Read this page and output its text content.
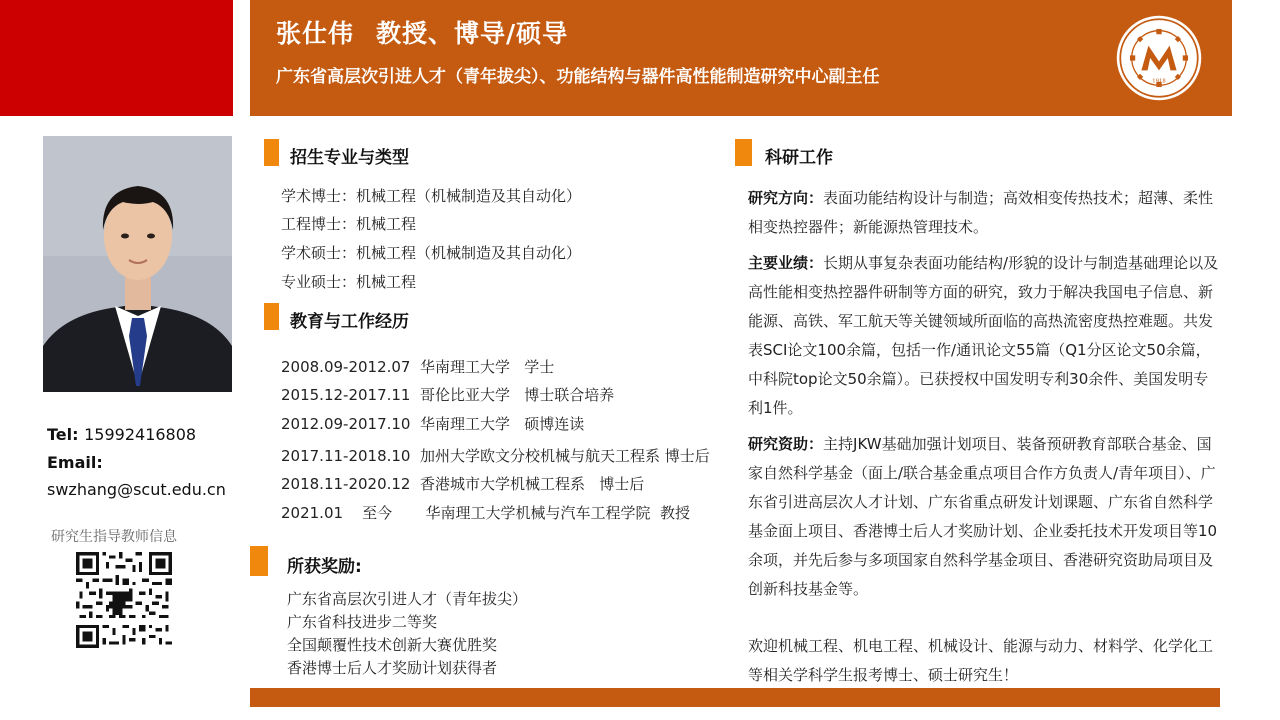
张仕伟 教授、博导/硕导
广东省高层次引进人才（青年拔尖）、功能结构与器件高性能制造研究中心副主任	1918
Tel: 15992416808
Email:
swzhang@scut.edu.cn
研究生指导教师信息
招生专业与类型
学术博士：机械工程（机械制造及其自动化）
工程博士：机械工程
学术硕士：机械工程（机械制造及其自动化）
专业硕士：机械工程
教育与工作经历
2008.09-2012.07  华南理工大学   学士
2015.12-2017.11  哥伦比亚大学   博士联合培养
2012.09-2017.10  华南理工大学   硕博连读
2017.11-2018.10  加州大学欧文分校机械与航天工程系 博士后
2018.11-2020.12  香港城市大学机械工程系   博士后
2021.01    至今       华南理工大学机械与汽车工程学院  教授
所获奖励:
广东省高层次引进人才（青年拔尖）
广东省科技进步二等奖
全国颠覆性技术创新大赛优胜奖
香港博士后人才奖励计划获得者
科研工作
研究方向：表面功能结构设计与制造；高效相变传热技术；超薄、柔性相变热控器件；新能源热管理技术。
主要业绩：长期从事复杂表面功能结构/形貌的设计与制造基础理论以及高性能相变热控器件研制等方面的研究，致力于解决我国电子信息、新能源、高铁、军工航天等关键领域所面临的高热流密度热控难题。共发表SCI论文100余篇，包括一作/通讯论文55篇（Q1分区论文50余篇，中科院top论文50余篇）。已获授权中国发明专利30余件、美国发明专利1件。
研究资助：主持JKW基础加强计划项目、装备预研教育部联合基金、国家自然科学基金（面上/联合基金重点项目合作方负责人/青年项目）、广东省引进高层次人才计划、广东省重点研发计划课题、广东省自然科学基金面上项目、香港博士后人才奖励计划、企业委托技术开发项目等10余项，并先后参与多项国家自然科学基金项目、香港研究资助局项目及创新科技基金等。
欢迎机械工程、机电工程、机械设计、能源与动力、材料学、化学化工等相关学科学生报考博士、硕士研究生！
